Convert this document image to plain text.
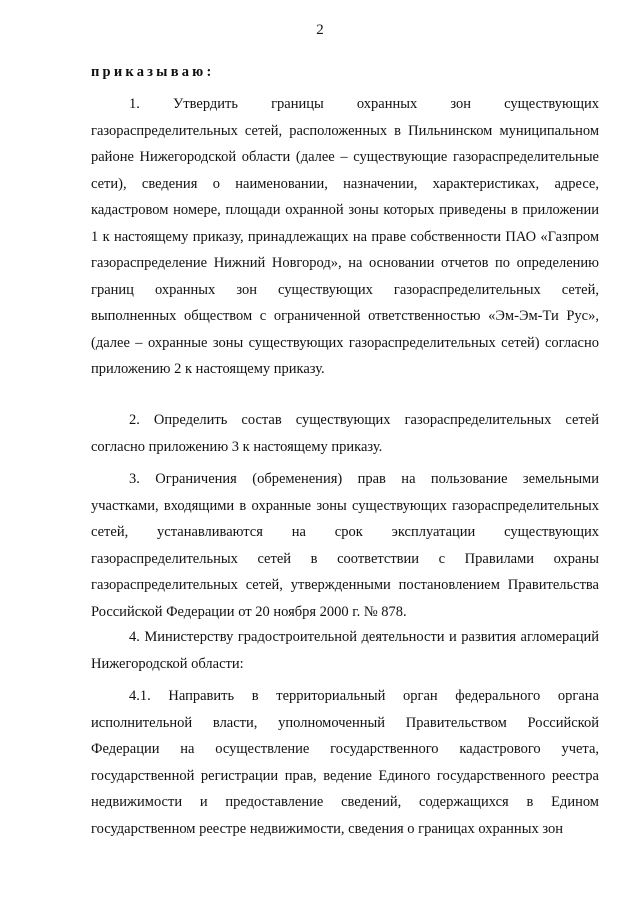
2
приказываю:

1. Утвердить границы охранных зон существующих газораспределительных сетей, расположенных в Пильнинском муниципальном районе Нижегородской области (далее – существующие газораспределительные сети), сведения о наименовании, назначении, характеристиках, адресе, кадастровом номере, площади охранной зоны которых приведены в приложении 1 к настоящему приказу, принадлежащих на праве собственности ПАО «Газпром газораспределение Нижний Новгород», на основании отчетов по определению границ охранных зон существующих газораспределительных сетей, выполненных обществом с ограниченной ответственностью «Эм-Эм-Ти Рус», (далее – охранные зоны существующих газораспределительных сетей) согласно приложению 2 к настоящему приказу.

2. Определить состав существующих газораспределительных сетей согласно приложению 3 к настоящему приказу.

3. Ограничения (обременения) прав на пользование земельными участками, входящими в охранные зоны существующих газораспределительных сетей, устанавливаются на срок эксплуатации существующих газораспределительных сетей в соответствии с Правилами охраны газораспределительных сетей, утвержденными постановлением Правительства Российской Федерации от 20 ноября 2000 г. № 878.

4. Министерству градостроительной деятельности и развития агломераций Нижегородской области:

4.1. Направить в территориальный орган федерального органа исполнительной власти, уполномоченный Правительством Российской Федерации на осуществление государственного кадастрового учета, государственной регистрации прав, ведение Единого государственного реестра недвижимости и предоставление сведений, содержащихся в Едином государственном реестре недвижимости, сведения о границах охранных зон
